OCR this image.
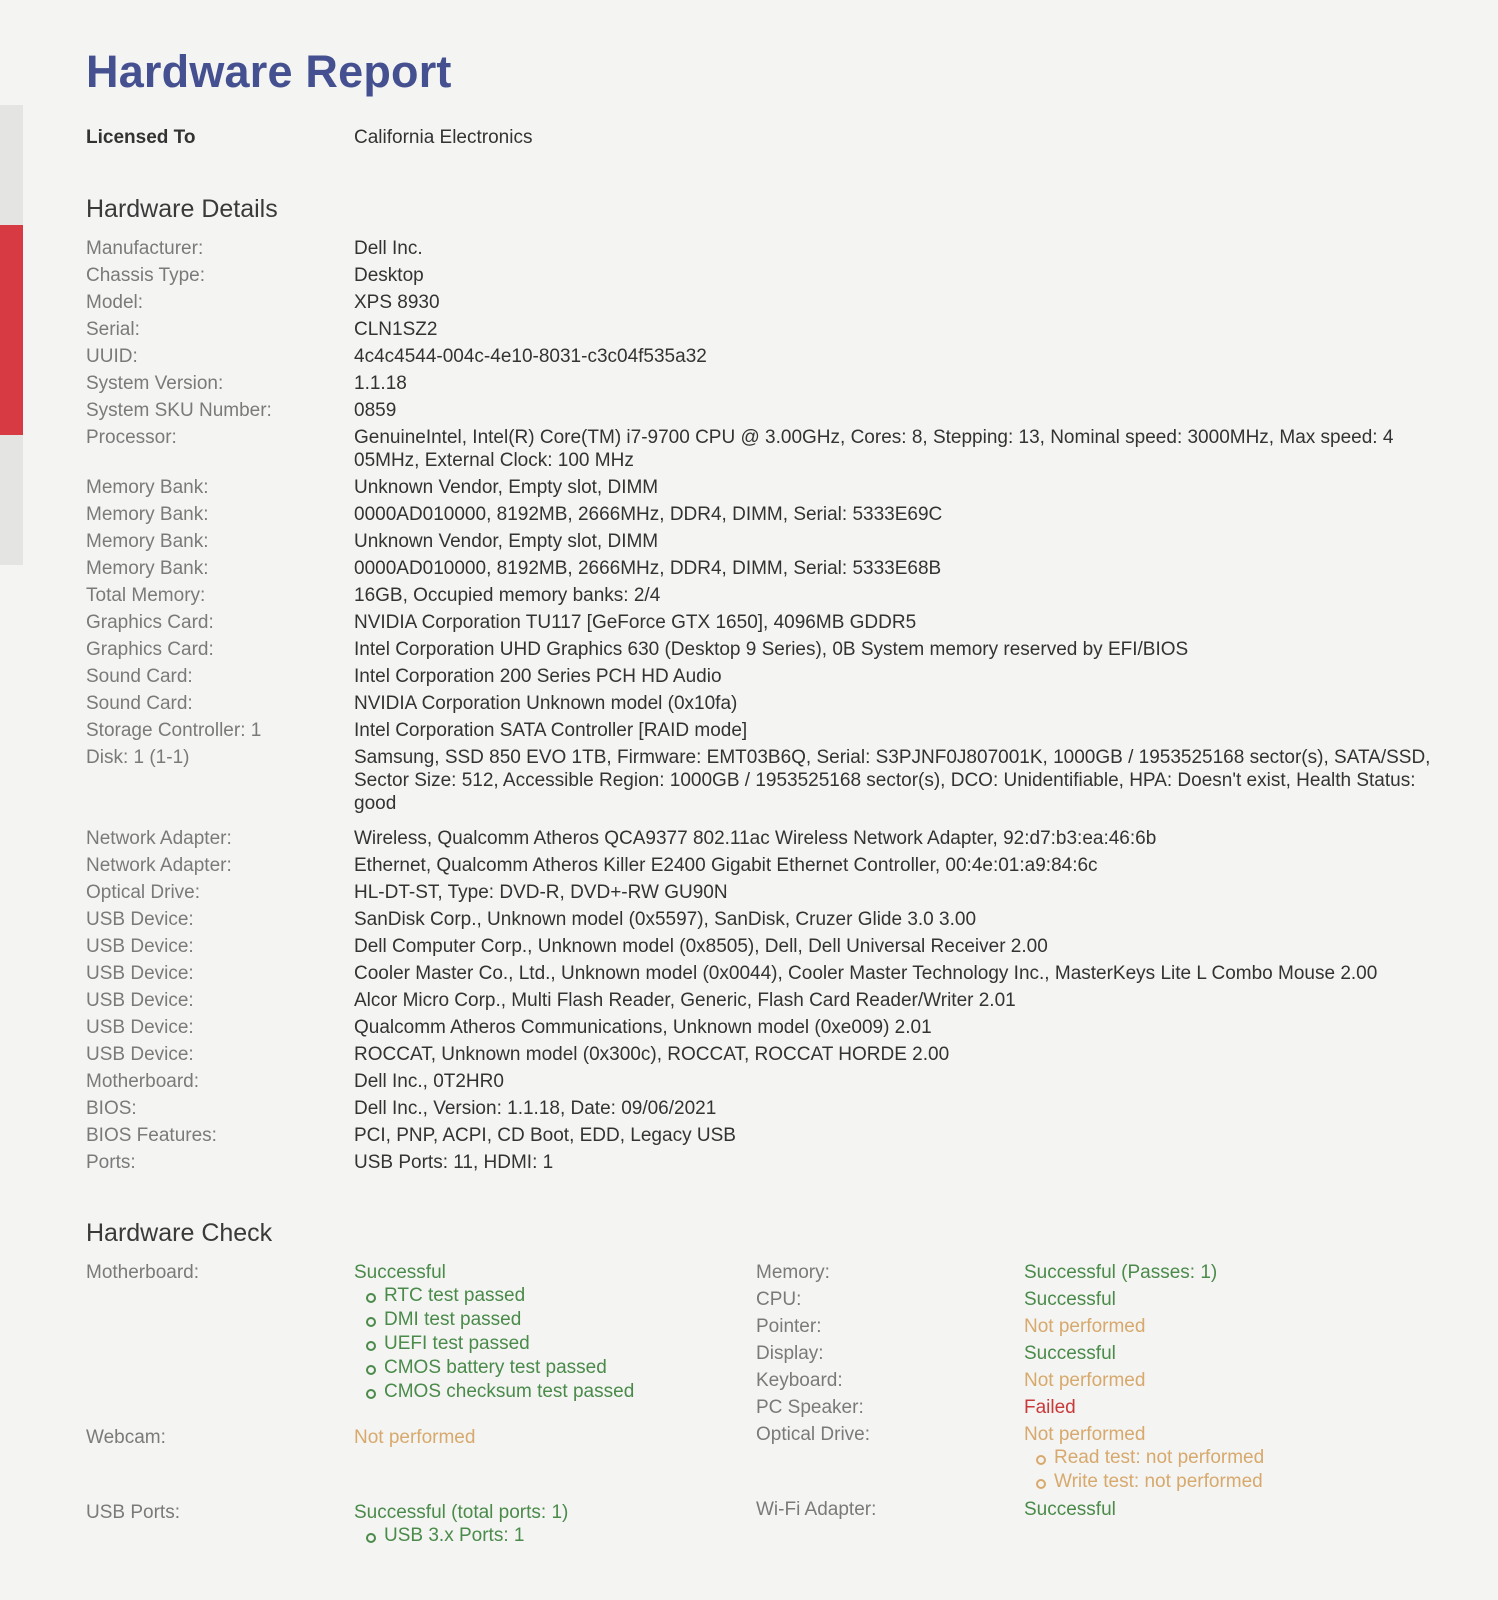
Hardware Report
Licensed To	California Electronics
Hardware Details
Manufacturer:	Dell Inc.
Chassis Type:	Desktop
Model:	XPS 8930
Serial:	CLN1SZ2
UUID:	4c4c4544-004c-4e10-8031-c3c04f535a32
System Version:	1.1.18
System SKU Number:	0859
Processor:	GenuineIntel, Intel(R) Core(TM) i7-9700 CPU @ 3.00GHz, Cores: 8, Stepping: 13, Nominal speed: 3000MHz, Max speed: 4 05MHz, External Clock: 100 MHz
Memory Bank:	Unknown Vendor, Empty slot, DIMM
Memory Bank:	0000AD010000, 8192MB, 2666MHz, DDR4, DIMM, Serial: 5333E69C
Memory Bank:	Unknown Vendor, Empty slot, DIMM
Memory Bank:	0000AD010000, 8192MB, 2666MHz, DDR4, DIMM, Serial: 5333E68B
Total Memory:	16GB, Occupied memory banks: 2/4
Graphics Card:	NVIDIA Corporation TU117 [GeForce GTX 1650], 4096MB GDDR5
Graphics Card:	Intel Corporation UHD Graphics 630 (Desktop 9 Series), 0B System memory reserved by EFI/BIOS
Sound Card:	Intel Corporation 200 Series PCH HD Audio
Sound Card:	NVIDIA Corporation Unknown model (0x10fa)
Storage Controller: 1	Intel Corporation SATA Controller [RAID mode]
Disk: 1 (1-1)	Samsung, SSD 850 EVO 1TB, Firmware: EMT03B6Q, Serial: S3PJNF0J807001K, 1000GB / 1953525168 sector(s), SATA/SSD, Sector Size: 512, Accessible Region: 1000GB / 1953525168 sector(s), DCO: Unidentifiable, HPA: Doesn't exist, Health Status: good
Network Adapter:	Wireless, Qualcomm Atheros QCA9377 802.11ac Wireless Network Adapter, 92:d7:b3:ea:46:6b
Network Adapter:	Ethernet, Qualcomm Atheros Killer E2400 Gigabit Ethernet Controller, 00:4e:01:a9:84:6c
Optical Drive:	HL-DT-ST, Type: DVD-R, DVD+-RW GU90N
USB Device:	SanDisk Corp., Unknown model (0x5597), SanDisk, Cruzer Glide 3.0 3.00
USB Device:	Dell Computer Corp., Unknown model (0x8505), Dell, Dell Universal Receiver 2.00
USB Device:	Cooler Master Co., Ltd., Unknown model (0x0044), Cooler Master Technology Inc., MasterKeys Lite L Combo Mouse 2.00
USB Device:	Alcor Micro Corp., Multi Flash Reader, Generic, Flash Card Reader/Writer 2.01
USB Device:	Qualcomm Atheros Communications, Unknown model (0xe009) 2.01
USB Device:	ROCCAT, Unknown model (0x300c), ROCCAT, ROCCAT HORDE 2.00
Motherboard:	Dell Inc., 0T2HR0
BIOS:	Dell Inc., Version: 1.1.18, Date: 09/06/2021
BIOS Features:	PCI, PNP, ACPI, CD Boot, EDD, Legacy USB
Ports:	USB Ports: 11, HDMI: 1
Hardware Check
Motherboard:	Successful
RTC test passed
DMI test passed
UEFI test passed
CMOS battery test passed
CMOS checksum test passed
Webcam:	Not performed
USB Ports:	Successful (total ports: 1)
USB 3.x Ports: 1
Memory:	Successful (Passes: 1)
CPU:	Successful
Pointer:	Not performed
Display:	Successful
Keyboard:	Not performed
PC Speaker:	Failed
Optical Drive:	Not performed
Read test: not performed
Write test: not performed
Wi-Fi Adapter:	Successful
